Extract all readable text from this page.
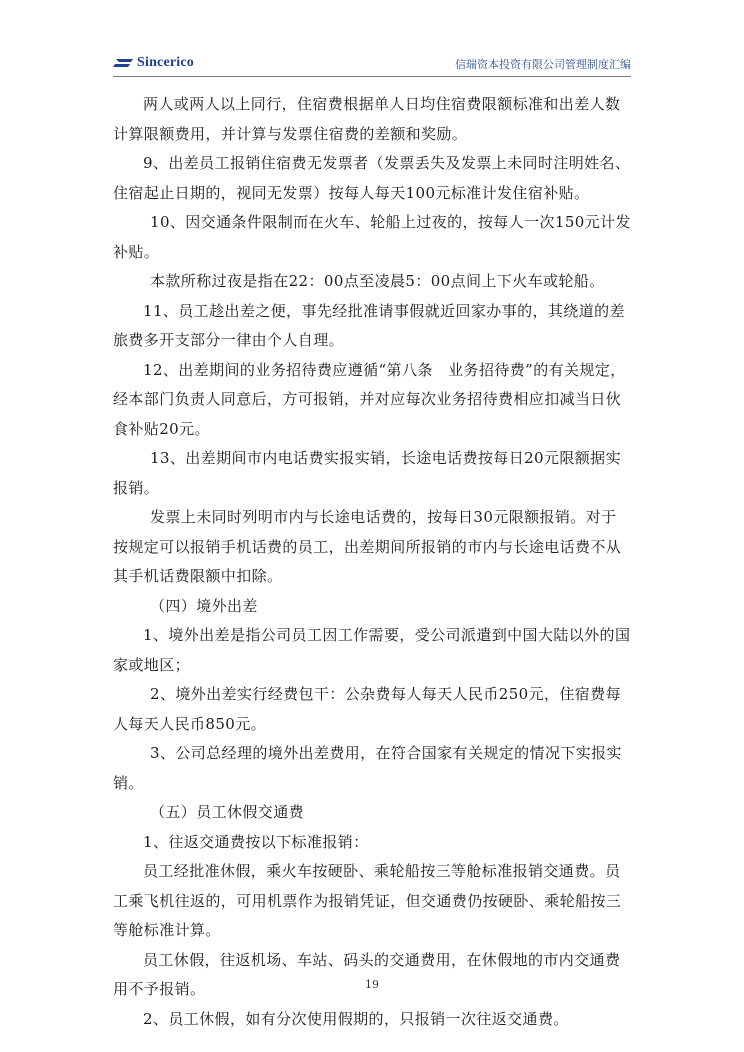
Sincerico	信瑞资本投资有限公司管理制度汇编

两人或两人以上同行，住宿费根据单人日均住宿费限额标准和出差人数计算限额费用，并计算与发票住宿费的差额和奖励。

9、出差员工报销住宿费无发票者（发票丢失及发票上未同时注明姓名、住宿起止日期的，视同无发票）按每人每天100元标准计发住宿补贴。

10、因交通条件限制而在火车、轮船上过夜的，按每人一次150元计发补贴。

本款所称过夜是指在22：00点至凌晨5：00点间上下火车或轮船。

11、员工趁出差之便，事先经批准请事假就近回家办事的，其绕道的差旅费多开支部分一律由个人自理。

12、出差期间的业务招待费应遵循“第八条　业务招待费”的有关规定，经本部门负责人同意后，方可报销，并对应每次业务招待费相应扣减当日伙食补贴20元。

13、出差期间市内电话费实报实销，长途电话费按每日20元限额据实报销。

发票上未同时列明市内与长途电话费的，按每日30元限额报销。对于按规定可以报销手机话费的员工，出差期间所报销的市内与长途电话费不从其手机话费限额中扣除。

（四）境外出差

1、境外出差是指公司员工因工作需要，受公司派遣到中国大陆以外的国家或地区；

2、境外出差实行经费包干：公杂费每人每天人民币250元，住宿费每人每天人民币850元。

3、公司总经理的境外出差费用，在符合国家有关规定的情况下实报实销。

（五）员工休假交通费

1、往返交通费按以下标准报销：

员工经批准休假，乘火车按硬卧、乘轮船按三等舱标准报销交通费。员工乘飞机往返的，可用机票作为报销凭证，但交通费仍按硬卧、乘轮船按三等舱标准计算。

员工休假，往返机场、车站、码头的交通费用，在休假地的市内交通费用不予报销。

2、员工休假，如有分次使用假期的，只报销一次往返交通费。

19
